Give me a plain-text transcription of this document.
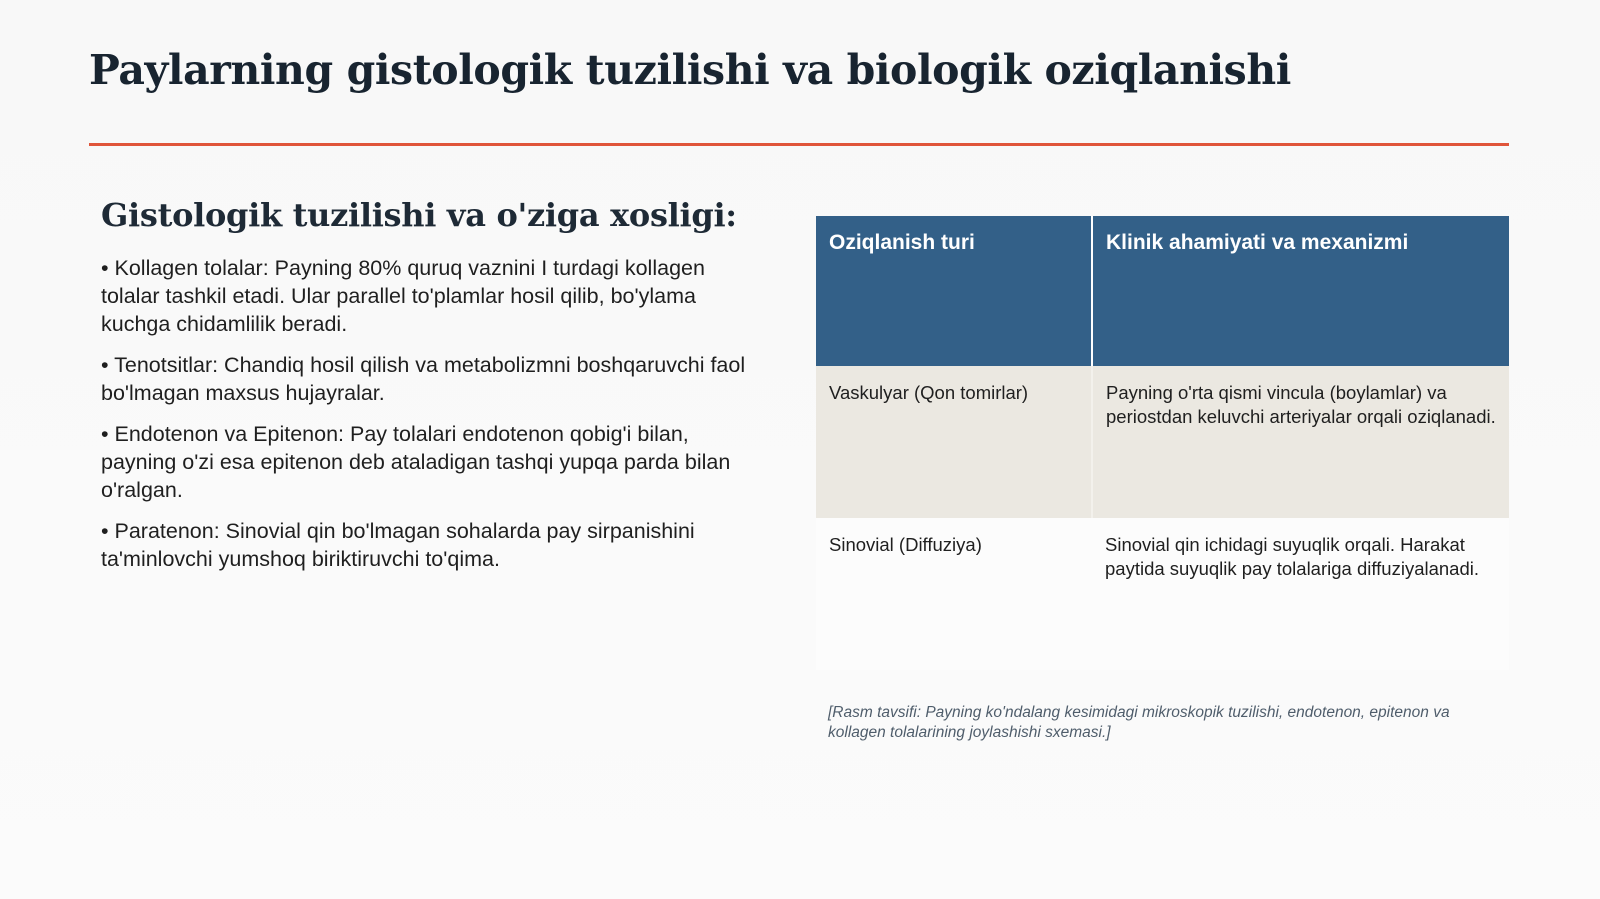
Paylarning gistologik tuzilishi va biologik oziqlanishi
Gistologik tuzilishi va o'ziga xosligi:

• Kollagen tolalar: Payning 80% quruq vaznini I turdagi kollagen tolalar tashkil etadi. Ular parallel to'plamlar hosil qilib, bo'ylama kuchga chidamlilik beradi.

• Tenotsitlar: Chandiq hosil qilish va metabolizmni boshqaruvchi faol bo'lmagan maxsus hujayralar.

• Endotenon va Epitenon: Pay tolalari endotenon qobig'i bilan, payning o'zi esa epitenon deb ataladigan tashqi yupqa parda bilan o'ralgan.

• Paratenon: Sinovial qin bo'lmagan sohalarda pay sirpanishini ta'minlovchi yumshoq biriktiruvchi to'qima.

Oziqlanish turi	Klinik ahamiyati va mexanizmi
Vaskulyar (Qon tomirlar)	Payning o'rta qismi vincula (boylamlar) va periostdan keluvchi arteriyalar orqali oziqlanadi.
Sinovial (Diffuziya)	Sinovial qin ichidagi suyuqlik orqali. Harakat paytida suyuqlik pay tolalariga diffuziyalanadi.
[Rasm tavsifi: Payning ko'ndalang kesimidagi mikroskopik tuzilishi, endotenon, epitenon va kollagen tolalarining joylashishi sxemasi.]
